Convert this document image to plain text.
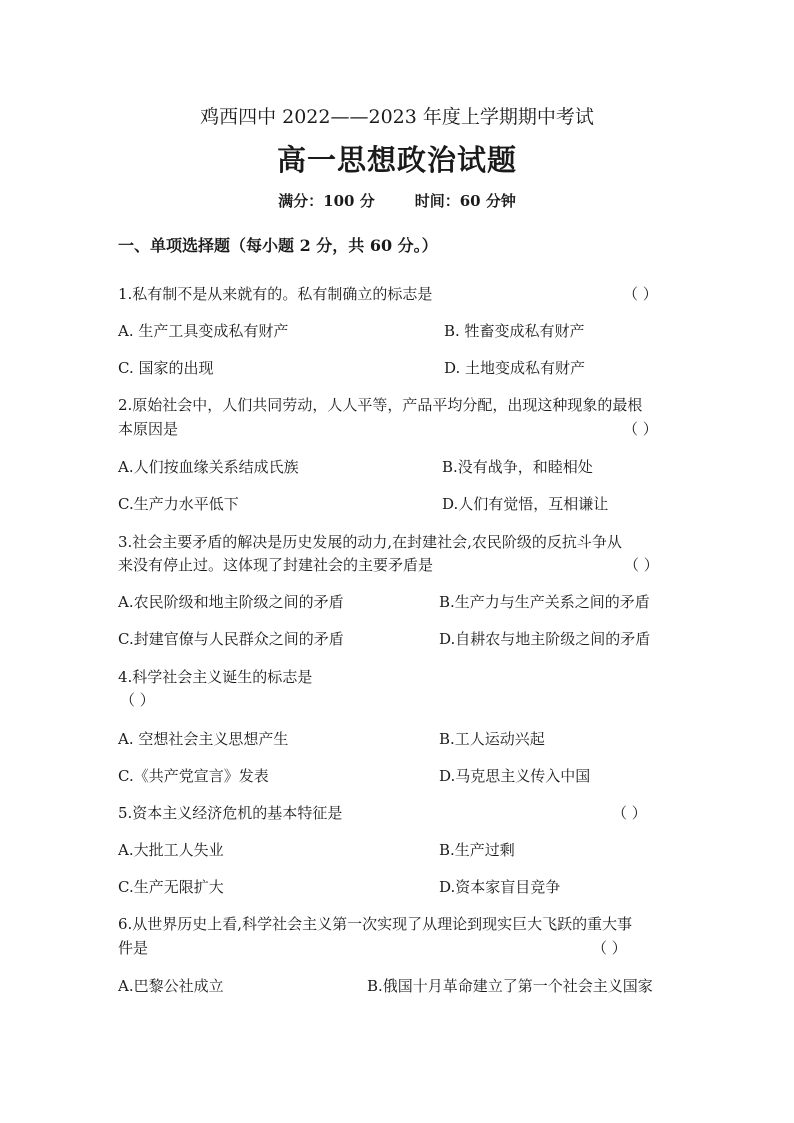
鸡西四中 2022——2023 年度上学期期中考试
高一思想政治试题
满分：100 分	时间：60 分钟
一、单项选择题（每小题 2 分，共 60 分。）
1.私有制不是从来就有的。私有制确立的标志是	（ ）
A. 生产工具变成私有财产	B. 牲畜变成私有财产
C. 国家的出现	D. 土地变成私有财产
2.原始社会中，人们共同劳动，人人平等，产品平均分配，出现这种现象的最根
本原因是	（ ）
A.人们按血缘关系结成氏族	B.没有战争，和睦相处
C.生产力水平低下	D.人们有觉悟，互相谦让
3.社会主要矛盾的解决是历史发展的动力,在封建社会,农民阶级的反抗斗争从
来没有停止过。这体现了封建社会的主要矛盾是	（ ）
A.农民阶级和地主阶级之间的矛盾	B.生产力与生产关系之间的矛盾
C.封建官僚与人民群众之间的矛盾	D.自耕农与地主阶级之间的矛盾
4.科学社会主义诞生的标志是
（ ）
A. 空想社会主义思想产生	B.工人运动兴起
C.《共产党宣言》发表	D.马克思主义传入中国
5.资本主义经济危机的基本特征是	（ ）
A.大批工人失业	B.生产过剩
C.生产无限扩大	D.资本家盲目竞争
6.从世界历史上看,科学社会主义第一次实现了从理论到现实巨大飞跃的重大事
件是	（ ）
A.巴黎公社成立	B.俄国十月革命建立了第一个社会主义国家
